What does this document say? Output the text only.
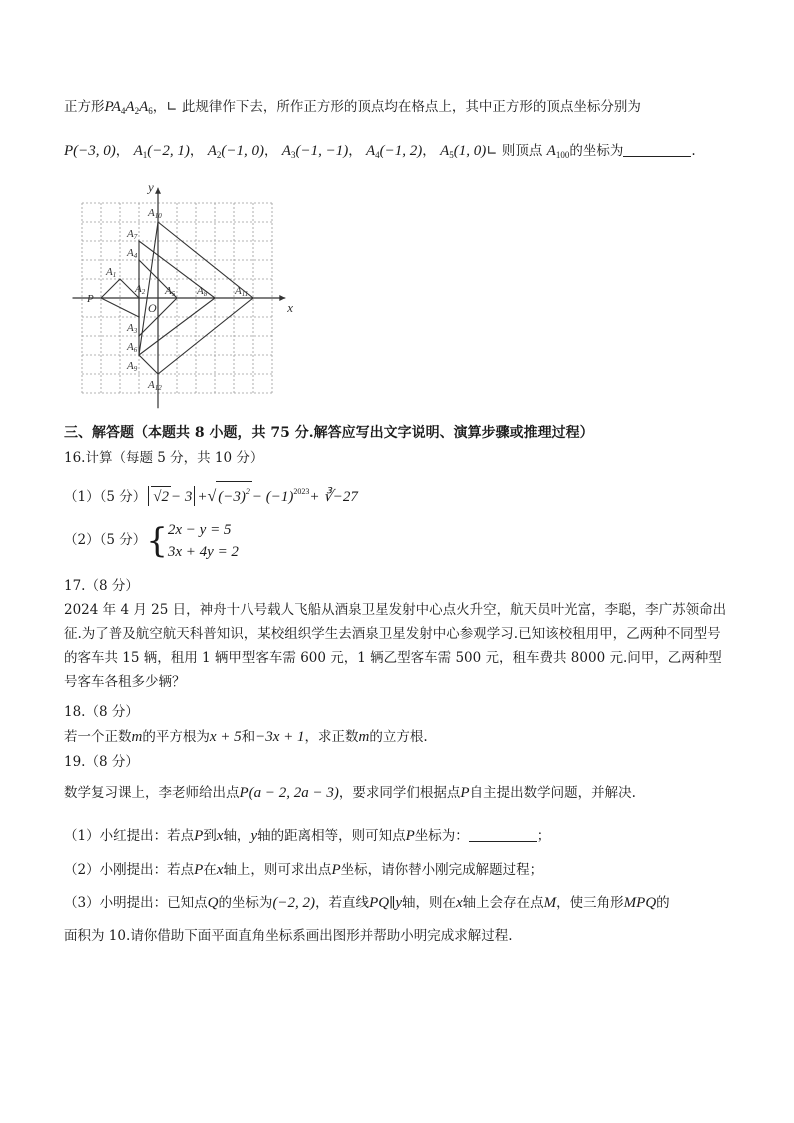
正方形$PA_4A_2A_6$，∟ 此规律作下去，所作正方形的顶点均在格点上，其中正方形的顶点坐标分别为
P(−3, 0)， $A_1(-2$, 1)， $A_2(-1$, 0)， $A_3(-1$, −1)， $A_4(-1$, 2)， $A_5(1$, 0)∟ 则顶点 $A_{100}$的坐标为	.
x
y
O
P
A1
A2
A3
A4
A5
A6
A7
A8
A9
A10
A11
A12
三、解答题（本题共 8 小题，共 75 分.解答应写出文字说明、演算步骤或推理过程）
16.计算（每题 5 分，共 10 分）
（1）（5 分） √2 − 3 +√ $(-3)^2 - (-1)^{2023}+$ ∛−27
（2）（5 分）{2x − y = 5
3x + 4y = 2
17.（8 分）
2024 年 4 月 25 日，神舟十八号载人飞船从酒泉卫星发射中心点火升空，航天员叶光富，李聪，李广苏领命出征.为了普及航空航天科普知识，某校组织学生去酒泉卫星发射中心参观学习.已知该校租用甲，乙两种不同型号的客车共 15 辆，租用 1 辆甲型客车需 600 元，1 辆乙型客车需 500 元，租车费共 8000 元.问甲，乙两种型号客车各租多少辆？
18.（8 分）
若一个正数m的平方根为x + 5和−3x + 1，求正数m的立方根.
19.（8 分）
数学复习课上，李老师给出点P(a − 2, 2a − 3)，要求同学们根据点P自主提出数学问题，并解决.
（1）小红提出：若点P到x轴，y轴的距离相等，则可知点P坐标为：	；
（2）小刚提出：若点P在x轴上，则可求出点P坐标，请你替小刚完成解题过程；
（3）小明提出：已知点Q的坐标为(−2, 2)，若直线PQ∥y轴，则在x轴上会存在点M，使三角形MPQ的
面积为 10.请你借助下面平面直角坐标系画出图形并帮助小明完成求解过程.
